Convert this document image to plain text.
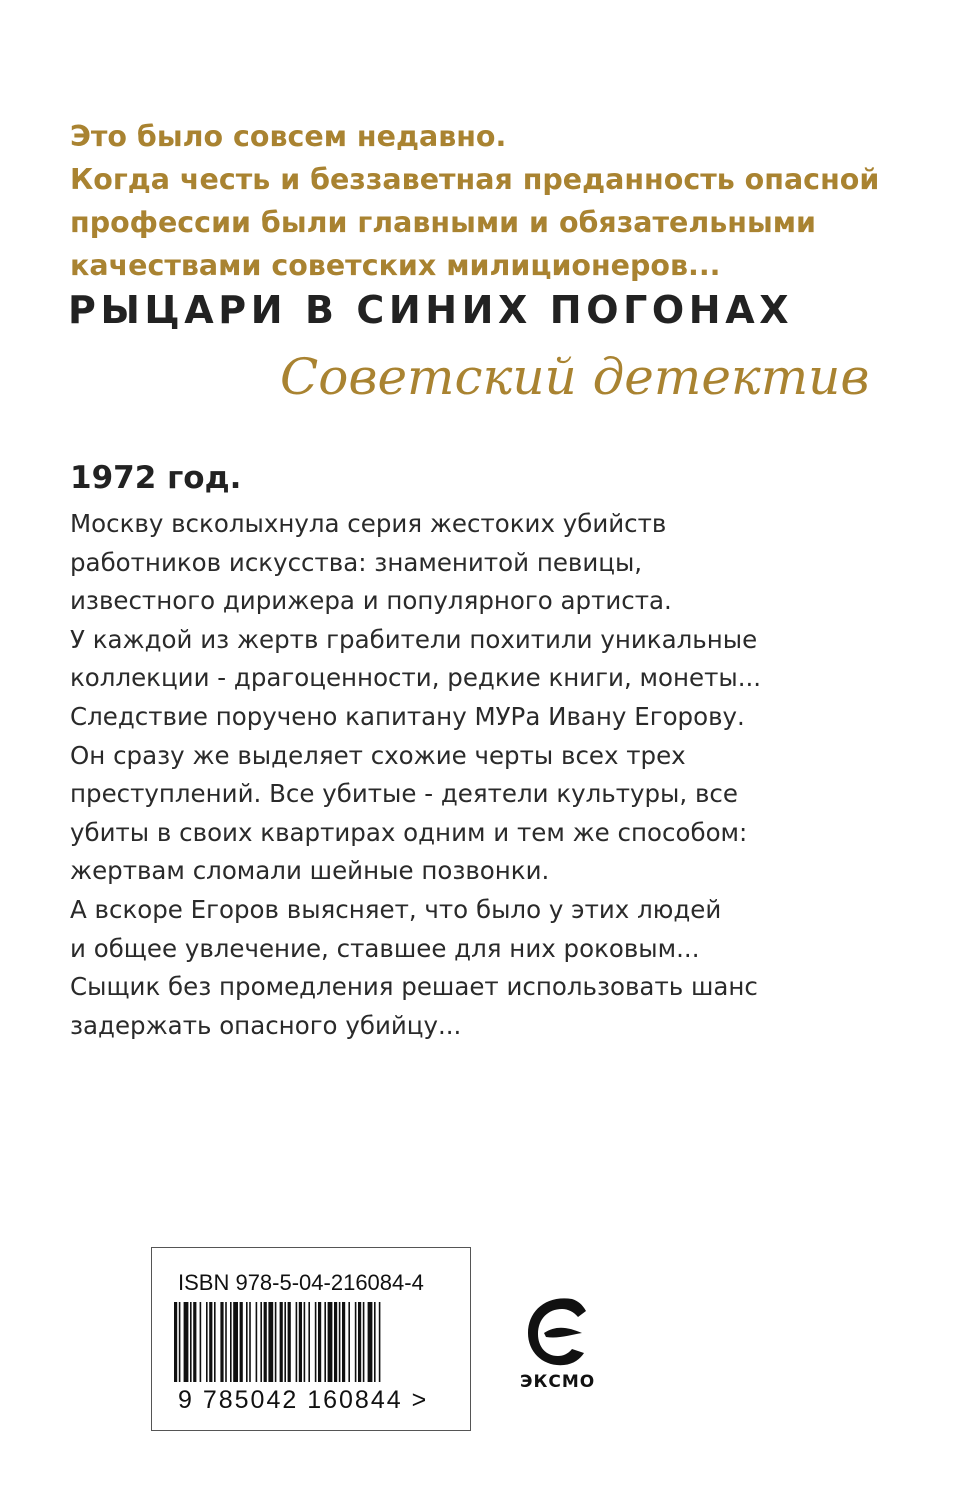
Это было совсем недавно.
Когда честь и беззаветная преданность опасной
профессии были главными и обязательными
качествами советских милиционеров...
РЫЦАРИ В СИНИХ ПОГОНАХ
Советский детектив
1972 год.
Москву всколыхнула серия жестоких убийств
работников искусства: знаменитой певицы,
известного дирижера и популярного артиста.
У каждой из жертв грабители похитили уникальные
коллекции - драгоценности, редкие книги, монеты...
Следствие поручено капитану МУРа Ивану Егорову.
Он сразу же выделяет схожие черты всех трех
преступлений. Все убитые - деятели культуры, все
убиты в своих квартирах одним и тем же способом:
жертвам сломали шейные позвонки.
А вскоре Егоров выясняет, что было у этих людей
и общее увлечение, ставшее для них роковым...
Сыщик без промедления решает использовать шанс
задержать опасного убийцу...
ISBN 978-5-04-216084-4
9 785042 160844 >
ЭКСМО
